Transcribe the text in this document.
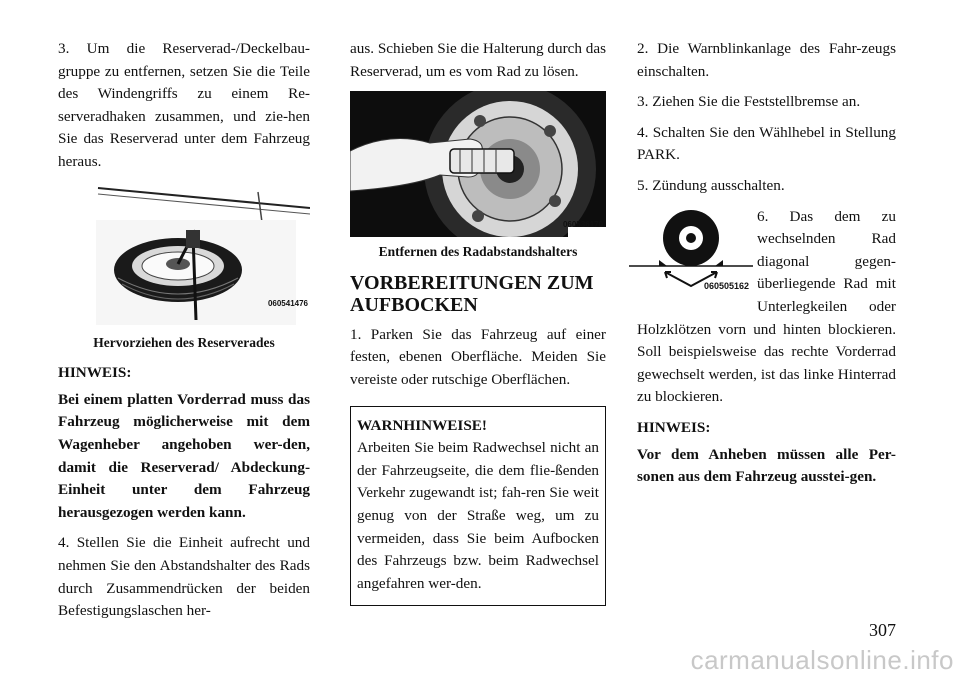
3. Um die Reserverad-/Deckelbau-gruppe zu entfernen, setzen Sie die Teile des Windengriffs zu einem Re-serveradhaken zusammen, und zie-hen Sie das Reserverad unter dem Fahrzeug heraus.

060541476
Hervorziehen des Reserverades

HINWEIS:

Bei einem platten Vorderrad muss das Fahrzeug möglicherweise mit dem Wagenheber angehoben wer-den, damit die Reserverad/ Abdeckung-Einheit unter dem Fahrzeug herausgezogen werden kann.

4. Stellen Sie die Einheit aufrecht und nehmen Sie den Abstandshalter des Rads durch Zusammendrücken der beiden Befestigungslaschen her-

aus. Schieben Sie die Halterung durch das Reserverad, um es vom Rad zu lösen.

060536170
Entfernen des Radabstandshalters
VORBEREITUNGEN ZUM AUFBOCKEN

1. Parken Sie das Fahrzeug auf einer festen, ebenen Oberfläche. Meiden Sie vereiste oder rutschige Oberflächen.

WARNHINWEISE!

Arbeiten Sie beim Radwechsel nicht an der Fahrzeugseite, die dem flie-ßenden Verkehr zugewandt ist; fah-ren Sie weit genug von der Straße weg, um zu vermeiden, dass Sie beim Aufbocken des Fahrzeugs bzw. beim Radwechsel angefahren wer-den.

2. Die Warnblinkanlage des Fahr-zeugs einschalten.

3. Ziehen Sie die Feststellbremse an.

4. Schalten Sie den Wählhebel in Stellung PARK.

5. Zündung ausschalten.

060505162

6. Das dem zu wechselnden Rad diagonal gegen-überliegende Rad mit Unterlegkeilen oder Holzklötzen vorn und hinten blockieren. Soll beispielsweise das rechte Vorderrad gewechselt werden, ist das linke Hinterrad zu blockieren.

HINWEIS:

Vor dem Anheben müssen alle Per-sonen aus dem Fahrzeug ausstei-gen.

307
carmanualsonline.info
